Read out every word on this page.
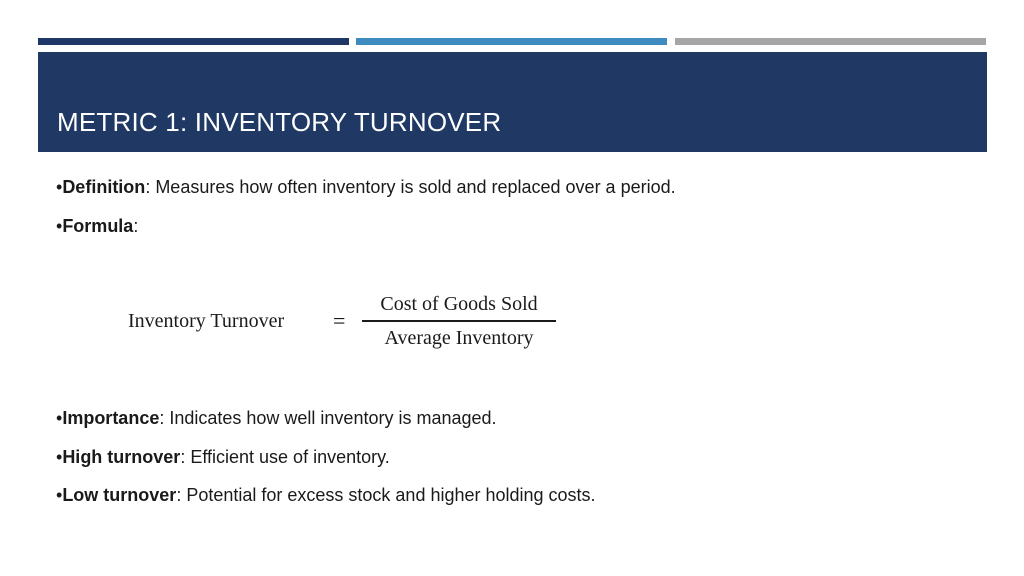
METRIC 1: INVENTORY TURNOVER
•Definition: Measures how often inventory is sold and replaced over a period.
•Formula:
Inventory Turnover =
Cost of Goods Sold
Average Inventory
•Importance: Indicates how well inventory is managed.
•High turnover: Efficient use of inventory.
•Low turnover: Potential for excess stock and higher holding costs.
